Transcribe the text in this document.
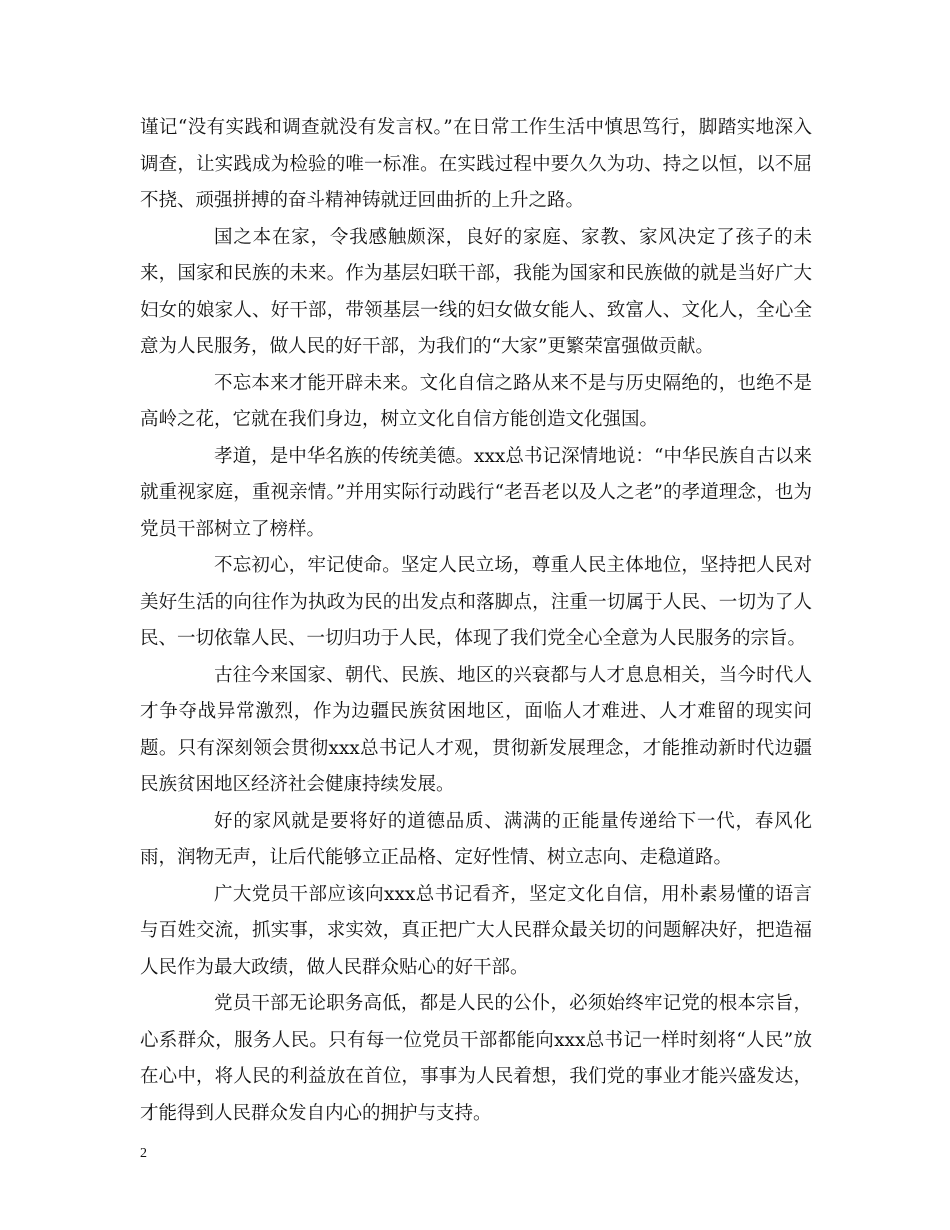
谨记“没有实践和调查就没有发言权。”在日常工作生活中慎思笃行，脚踏实地深入调查，让实践成为检验的唯一标准。在实践过程中要久久为功、持之以恒，以不屈不挠、顽强拼搏的奋斗精神铸就迂回曲折的上升之路。

国之本在家，令我感触颇深，良好的家庭、家教、家风决定了孩子的未来，国家和民族的未来。作为基层妇联干部，我能为国家和民族做的就是当好广大妇女的娘家人、好干部，带领基层一线的妇女做女能人、致富人、文化人，全心全意为人民服务，做人民的好干部，为我们的“大家”更繁荣富强做贡献。

不忘本来才能开辟未来。文化自信之路从来不是与历史隔绝的，也绝不是高岭之花，它就在我们身边，树立文化自信方能创造文化强国。

孝道，是中华名族的传统美德。xxx总书记深情地说：“中华民族自古以来就重视家庭，重视亲情。”并用实际行动践行“老吾老以及人之老”的孝道理念，也为党员干部树立了榜样。

不忘初心，牢记使命。坚定人民立场，尊重人民主体地位，坚持把人民对美好生活的向往作为执政为民的出发点和落脚点，注重一切属于人民、一切为了人民、一切依靠人民、一切归功于人民，体现了我们党全心全意为人民服务的宗旨。

古往今来国家、朝代、民族、地区的兴衰都与人才息息相关，当今时代人才争夺战异常激烈，作为边疆民族贫困地区，面临人才难进、人才难留的现实问题。只有深刻领会贯彻xxx总书记人才观，贯彻新发展理念，才能推动新时代边疆民族贫困地区经济社会健康持续发展。

好的家风就是要将好的道德品质、满满的正能量传递给下一代，春风化雨，润物无声，让后代能够立正品格、定好性情、树立志向、走稳道路。

广大党员干部应该向xxx总书记看齐，坚定文化自信，用朴素易懂的语言与百姓交流，抓实事，求实效，真正把广大人民群众最关切的问题解决好，把造福人民作为最大政绩，做人民群众贴心的好干部。

党员干部无论职务高低，都是人民的公仆，必须始终牢记党的根本宗旨，心系群众，服务人民。只有每一位党员干部都能向xxx总书记一样时刻将“人民”放在心中，将人民的利益放在首位，事事为人民着想，我们党的事业才能兴盛发达，才能得到人民群众发自内心的拥护与支持。

2
